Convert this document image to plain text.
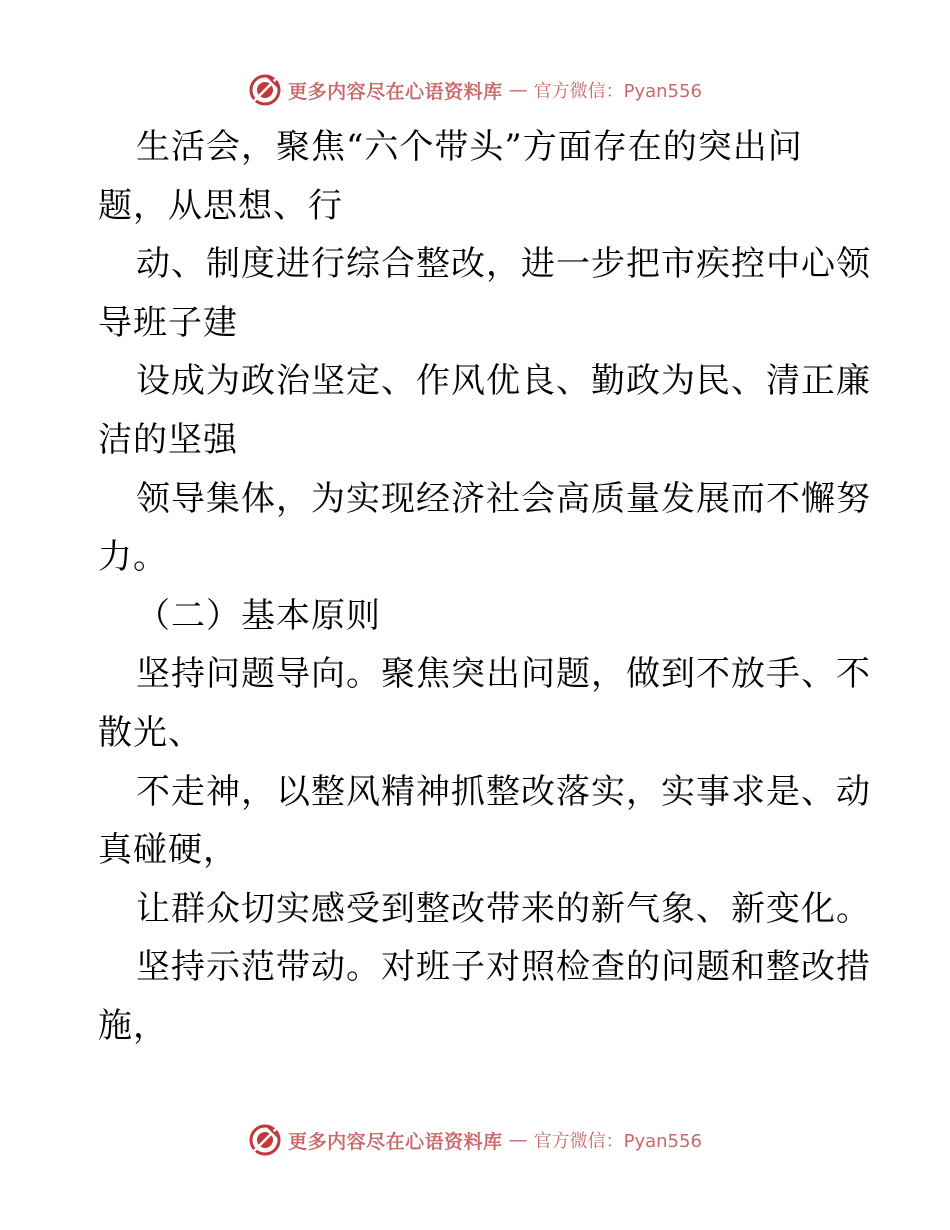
更多内容尽在心语资料库 — 官方微信：Pyan556
生活会，聚焦“六个带头”方面存在的突出问
题，从思想、行
动、制度进行综合整改，进一步把市疾控中心领
导班子建
设成为政治坚定、作风优良、勤政为民、清正廉
洁的坚强
领导集体，为实现经济社会高质量发展而不懈努
力。
（二）基本原则
坚持问题导向。聚焦突出问题，做到不放手、不
散光、
不走神，以整风精神抓整改落实，实事求是、动
真碰硬，
让群众切实感受到整改带来的新气象、新变化。
坚持示范带动。对班子对照检查的问题和整改措
施，
更多内容尽在心语资料库 — 官方微信：Pyan556
